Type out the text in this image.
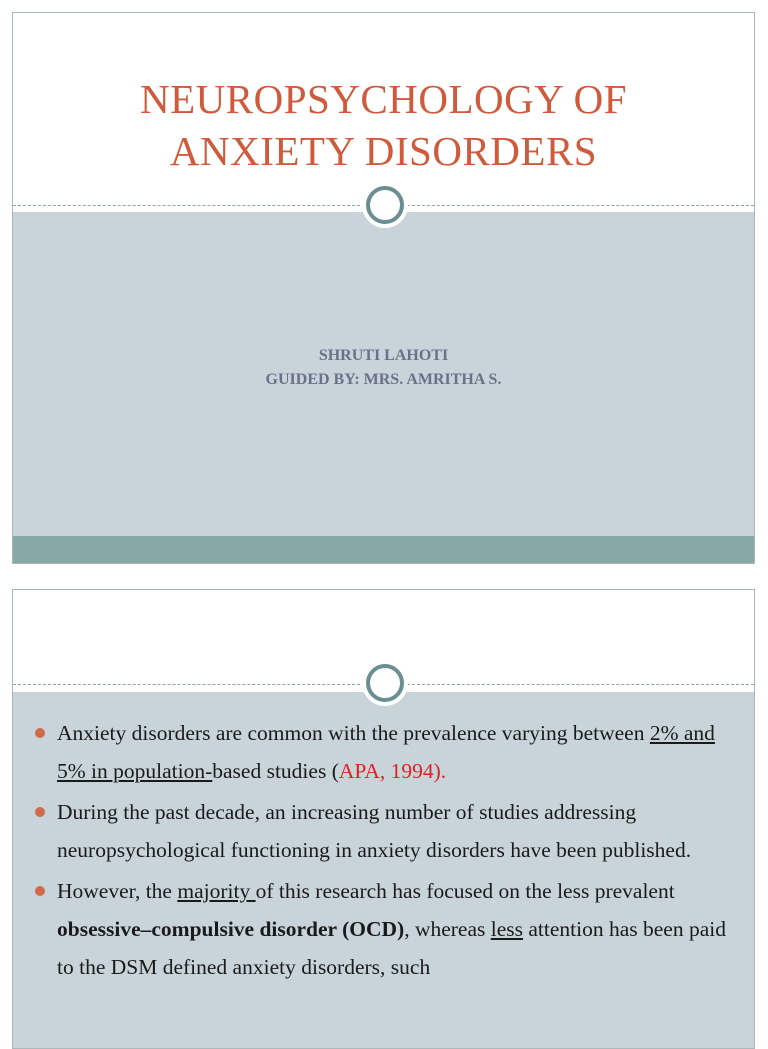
NEUROPSYCHOLOGY OF
ANXIETY DISORDERS
SHRUTI LAHOTI
GUIDED BY: MRS. AMRITHA S.
Anxiety disorders are common with the prevalence varying between 2% and 5% in population-based studies (APA, 1994).
During the past decade, an increasing number of studies addressing neuropsychological functioning in anxiety disorders have been published.
However, the majority of this research has focused on the less prevalent obsessive–compulsive disorder (OCD), whereas less attention has been paid to the DSM defined anxiety disorders, such
